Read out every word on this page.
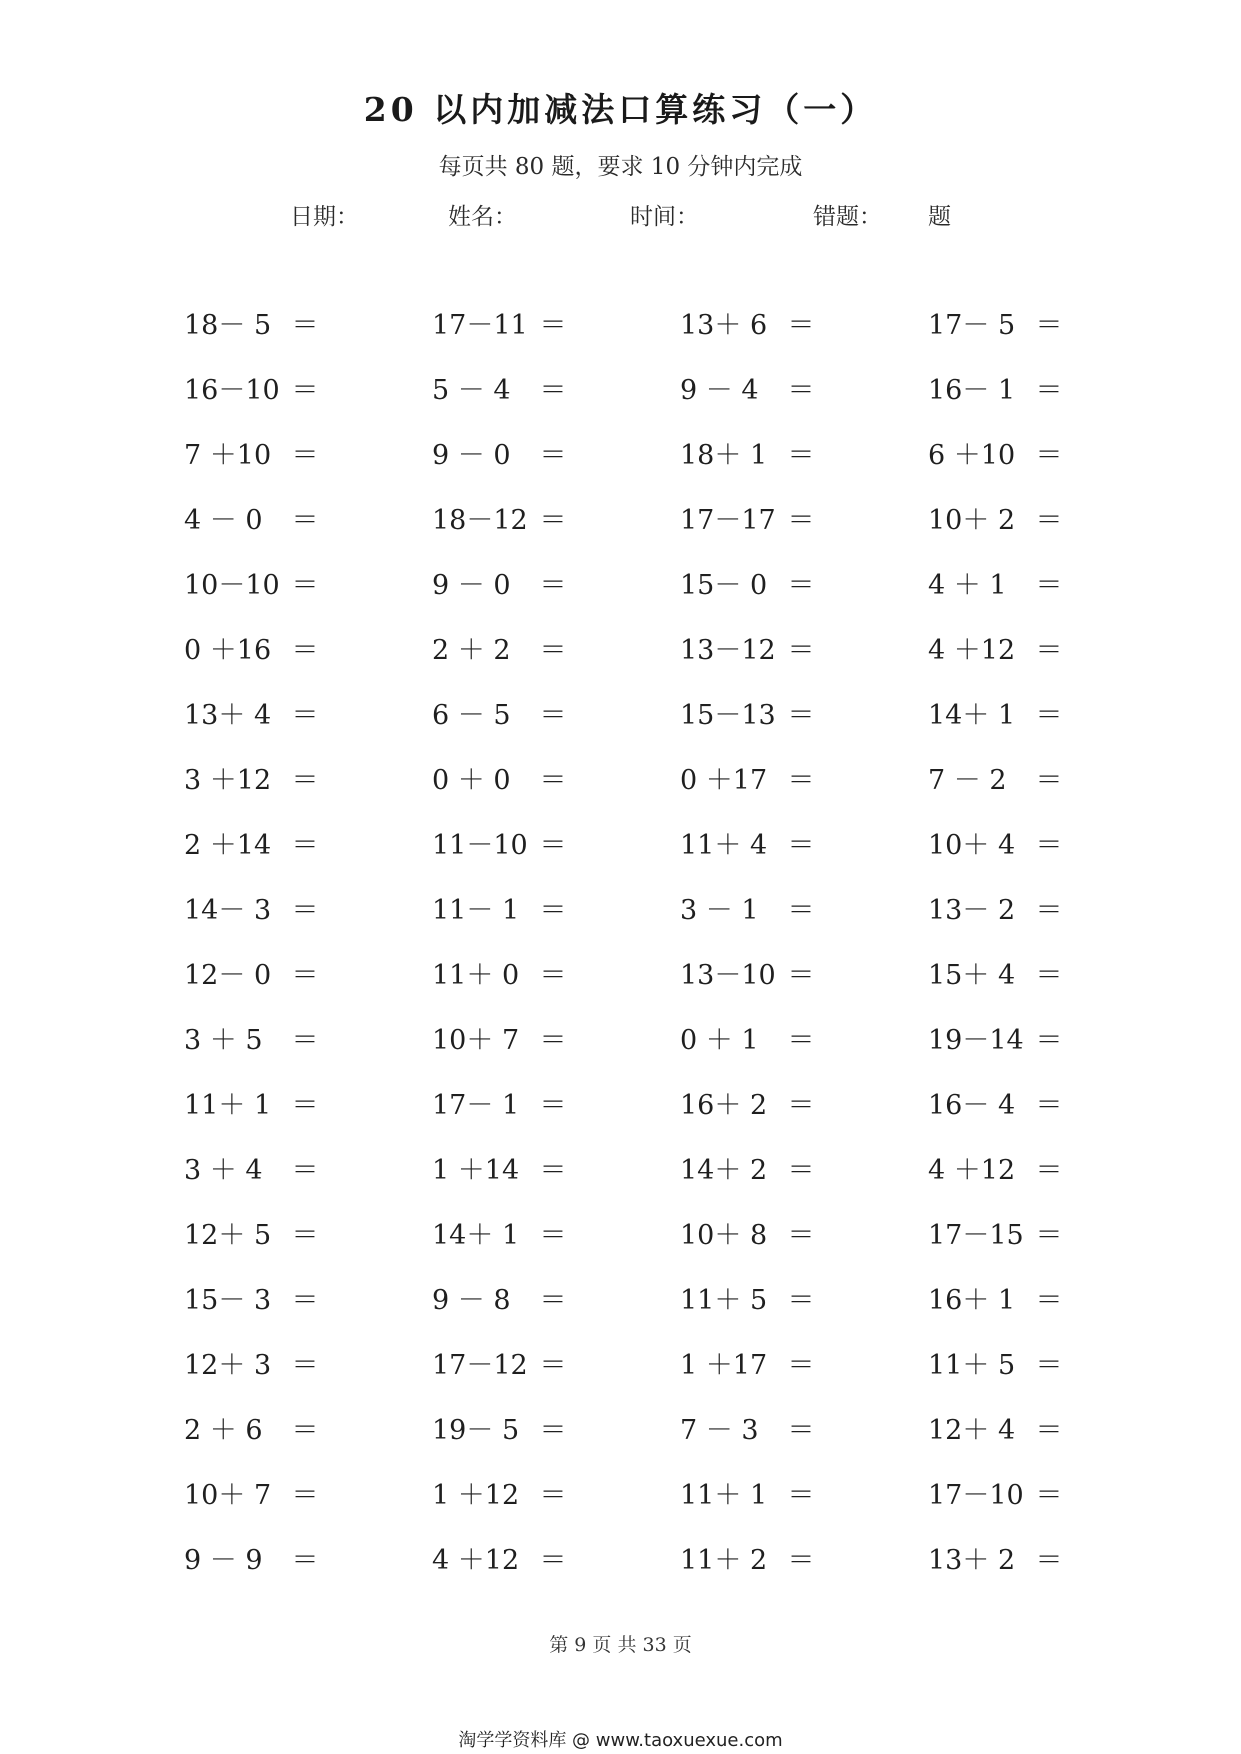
20 以内加减法口算练习（一）
每页共 80 题，要求 10 分钟内完成
日期：	姓名：	时间：	错题： 题
18－ 5 ＝	17－11 ＝	13＋ 6 ＝	17－ 5 ＝
16－10 ＝	5 － 4	＝	9 － 4	＝	16－ 1 ＝
7 ＋10 ＝	9 － 0	＝	18＋ 1 ＝	6 ＋10 ＝
4 － 0	＝	18－12 ＝	17－17 ＝	10＋ 2 ＝
10－10 ＝	9 － 0	＝	15－ 0 ＝	4 ＋ 1	＝
0 ＋16 ＝	2 ＋ 2	＝	13－12 ＝	4 ＋12 ＝
13＋ 4 ＝	6 － 5	＝	15－13 ＝	14＋ 1 ＝
3 ＋12 ＝	0 ＋ 0	＝	0 ＋17 ＝	7 － 2	＝
2 ＋14 ＝	11－10 ＝	11＋ 4 ＝	10＋ 4 ＝
14－ 3 ＝	11－ 1 ＝	3 － 1	＝	13－ 2 ＝
12－ 0 ＝	11＋ 0 ＝	13－10 ＝	15＋ 4 ＝
3 ＋ 5	＝	10＋ 7 ＝	0 ＋ 1	＝	19－14 ＝
11＋ 1 ＝	17－ 1 ＝	16＋ 2 ＝	16－ 4 ＝
3 ＋ 4	＝	1 ＋14 ＝	14＋ 2 ＝	4 ＋12 ＝
12＋ 5 ＝	14＋ 1 ＝	10＋ 8 ＝	17－15 ＝
15－ 3 ＝	9 － 8	＝	11＋ 5 ＝	16＋ 1 ＝
12＋ 3 ＝	17－12 ＝	1 ＋17 ＝	11＋ 5 ＝
2 ＋ 6	＝	19－ 5 ＝	7 － 3	＝	12＋ 4 ＝
10＋ 7 ＝	1 ＋12 ＝	11＋ 1 ＝	17－10 ＝
9 － 9	＝	4 ＋12 ＝	11＋ 2 ＝	13＋ 2 ＝
第 9 页 共 33 页
淘学学资料库 @ www.taoxuexue.com
